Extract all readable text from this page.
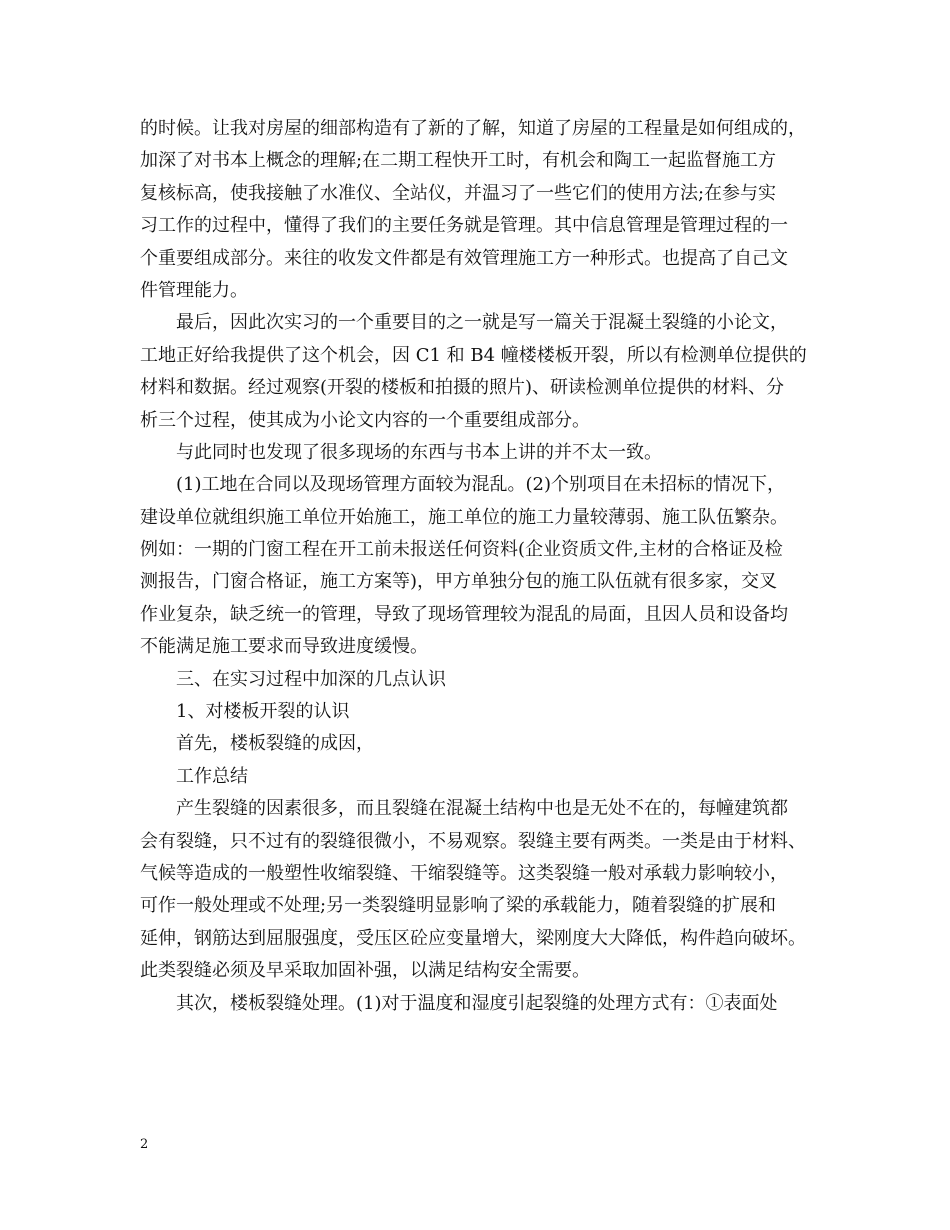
的时候。让我对房屋的细部构造有了新的了解，知道了房屋的工程量是如何组成的，
加深了对书本上概念的理解;在二期工程快开工时，有机会和陶工一起监督施工方
复核标高，使我接触了水准仪、全站仪，并温习了一些它们的使用方法;在参与实
习工作的过程中，懂得了我们的主要任务就是管理。其中信息管理是管理过程的一
个重要组成部分。来往的收发文件都是有效管理施工方一种形式。也提高了自己文
件管理能力。
最后，因此次实习的一个重要目的之一就是写一篇关于混凝土裂缝的小论文，
工地正好给我提供了这个机会，因 C1 和 B4 幢楼楼板开裂，所以有检测单位提供的
材料和数据。经过观察(开裂的楼板和拍摄的照片)、研读检测单位提供的材料、分
析三个过程，使其成为小论文内容的一个重要组成部分。
与此同时也发现了很多现场的东西与书本上讲的并不太一致。
(1)工地在合同以及现场管理方面较为混乱。(2)个别项目在未招标的情况下，
建设单位就组织施工单位开始施工，施工单位的施工力量较薄弱、施工队伍繁杂。
例如：一期的门窗工程在开工前未报送任何资料(企业资质文件,主材的合格证及检
测报告，门窗合格证，施工方案等)，甲方单独分包的施工队伍就有很多家，交叉
作业复杂，缺乏统一的管理，导致了现场管理较为混乱的局面，且因人员和设备均
不能满足施工要求而导致进度缓慢。
三、在实习过程中加深的几点认识
1、对楼板开裂的认识
首先，楼板裂缝的成因，
工作总结
产生裂缝的因素很多，而且裂缝在混凝土结构中也是无处不在的，每幢建筑都
会有裂缝，只不过有的裂缝很微小，不易观察。裂缝主要有两类。一类是由于材料、
气候等造成的一般塑性收缩裂缝、干缩裂缝等。这类裂缝一般对承载力影响较小，
可作一般处理或不处理;另一类裂缝明显影响了梁的承载能力，随着裂缝的扩展和
延伸，钢筋达到屈服强度，受压区砼应变量增大，梁刚度大大降低，构件趋向破坏。
此类裂缝必须及早采取加固补强，以满足结构安全需要。
其次，楼板裂缝处理。(1)对于温度和湿度引起裂缝的处理方式有：①表面处
2
